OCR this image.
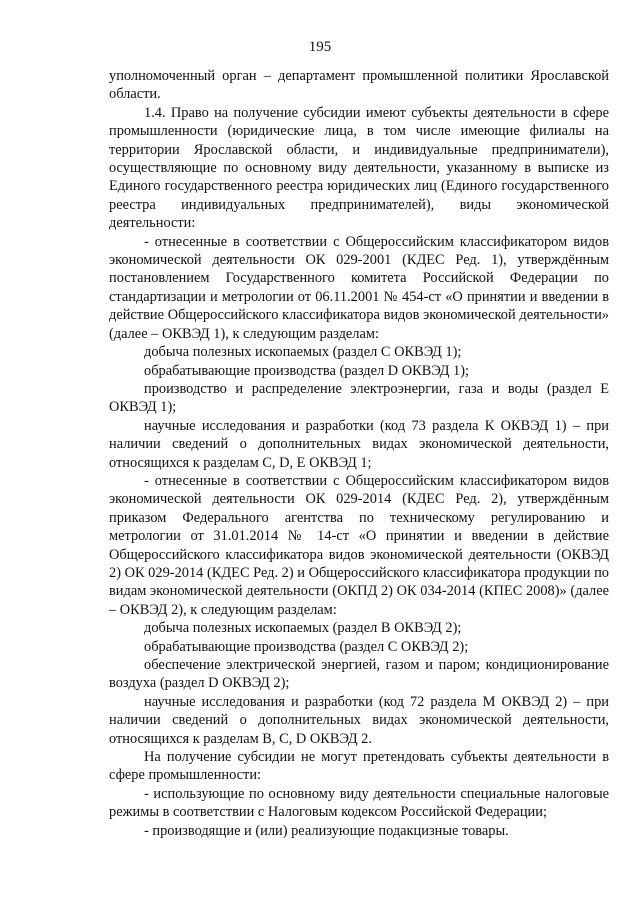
195

уполномоченный орган – департамент промышленной политики Ярославской области.

1.4. Право на получение субсидии имеют субъекты деятельности в сфере промышленности (юридические лица, в том числе имеющие филиалы на территории Ярославской области, и индивидуальные предприниматели), осуществляющие по основному виду деятельности, указанному в выписке из Единого государственного реестра юридических лиц (Единого государственного реестра индивидуальных предпринимателей), виды экономической деятельности:

- отнесенные в соответствии с Общероссийским классификатором видов экономической деятельности ОК 029-2001 (КДЕС Ред. 1), утверждённым постановлением Государственного комитета Российской Федерации по стандартизации и метрологии от 06.11.2001 № 454-ст «О принятии и введении в действие Общероссийского классификатора видов экономической деятельности» (далее – ОКВЭД 1), к следующим разделам:

добыча полезных ископаемых (раздел С ОКВЭД 1);

обрабатывающие производства (раздел D ОКВЭД 1);

производство и распределение электроэнергии, газа и воды (раздел Е ОКВЭД 1);

научные исследования и разработки (код 73 раздела К ОКВЭД 1) – при наличии сведений о дополнительных видах экономической деятельности, относящихся к разделам С, D, Е ОКВЭД 1;

- отнесенные в соответствии с Общероссийским классификатором видов экономической деятельности ОК 029-2014 (КДЕС Ред. 2), утверждённым приказом Федерального агентства по техническому регулированию и метрологии от 31.01.2014 № 14-ст «О принятии и введении в действие Общероссийского классификатора видов экономической деятельности (ОКВЭД 2) ОК 029-2014 (КДЕС Ред. 2) и Общероссийского классификатора продукции по видам экономической деятельности (ОКПД 2) ОК 034-2014 (КПЕС 2008)» (далее – ОКВЭД 2), к следующим разделам:

добыча полезных ископаемых (раздел В ОКВЭД 2);

обрабатывающие производства (раздел С ОКВЭД 2);

обеспечение электрической энергией, газом и паром; кондиционирование воздуха (раздел D ОКВЭД 2);

научные исследования и разработки (код 72 раздела М ОКВЭД 2) – при наличии сведений о дополнительных видах экономической деятельности, относящихся к разделам В, С, D ОКВЭД 2.

На получение субсидии не могут претендовать субъекты деятельности в сфере промышленности:

- использующие по основному виду деятельности специальные налоговые режимы в соответствии с Налоговым кодексом Российской Федерации;

- производящие и (или) реализующие подакцизные товары.
